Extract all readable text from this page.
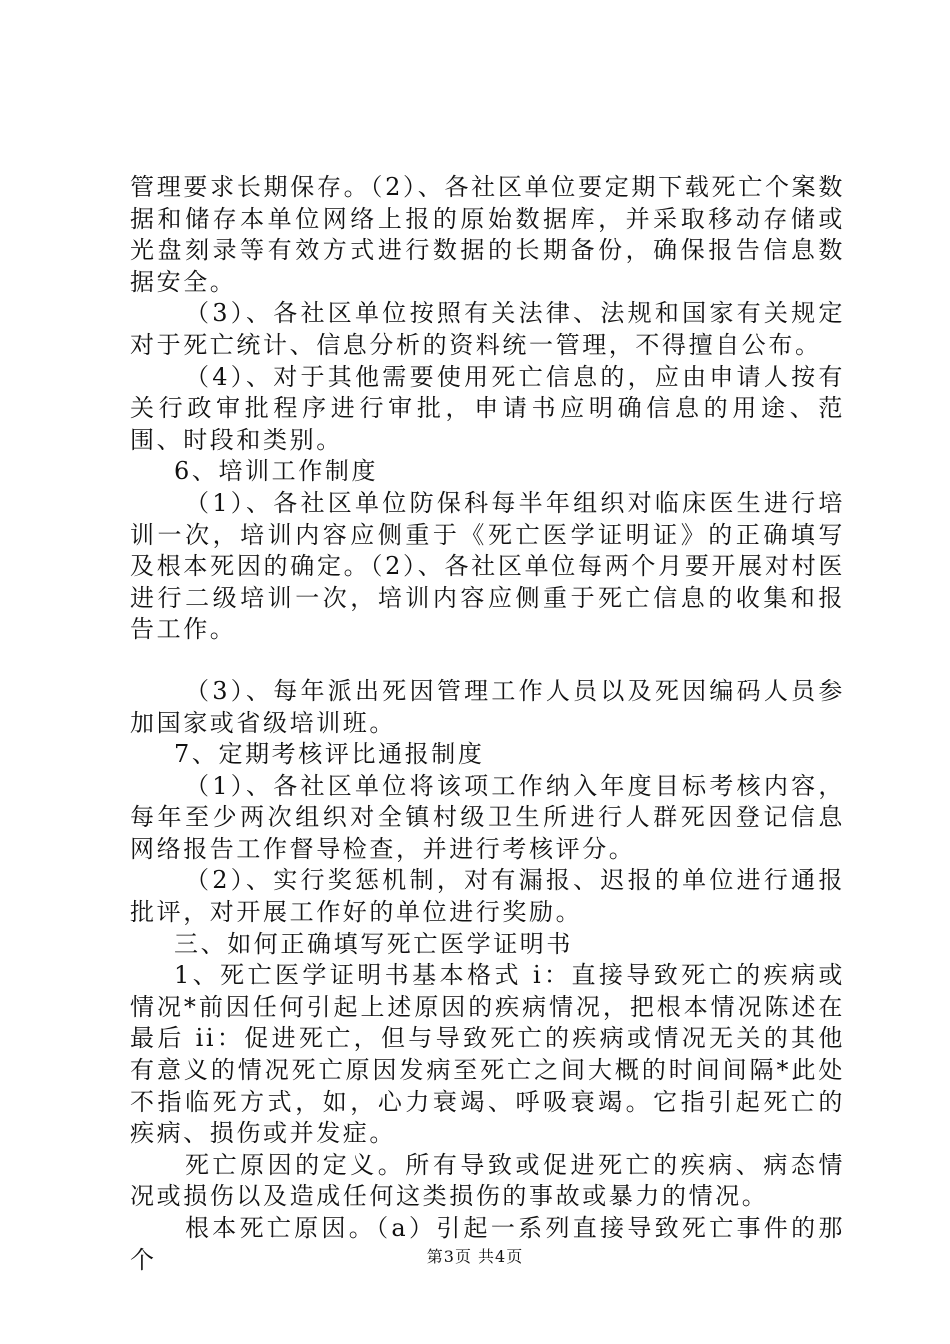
管理要求长期保存。（2）、各社区单位要定期下载死亡个案数据和储存本单位网络上报的原始数据库，并采取移动存储或光盘刻录等有效方式进行数据的长期备份，确保报告信息数据安全。

（3）、各社区单位按照有关法律、法规和国家有关规定对于死亡统计、信息分析的资料统一管理，不得擅自公布。

（4）、对于其他需要使用死亡信息的，应由申请人按有关行政审批程序进行审批，申请书应明确信息的用途、范围、时段和类别。

6、培训工作制度

（1）、各社区单位防保科每半年组织对临床医生进行培训一次，培训内容应侧重于《死亡医学证明证》的正确填写及根本死因的确定。（2）、各社区单位每两个月要开展对村医进行二级培训一次，培训内容应侧重于死亡信息的收集和报告工作。

（3）、每年派出死因管理工作人员以及死因编码人员参加国家或省级培训班。

7、定期考核评比通报制度

（1）、各社区单位将该项工作纳入年度目标考核内容，每年至少两次组织对全镇村级卫生所进行人群死因登记信息网络报告工作督导检查，并进行考核评分。

（2）、实行奖惩机制，对有漏报、迟报的单位进行通报批评，对开展工作好的单位进行奖励。

三、如何正确填写死亡医学证明书

1、死亡医学证明书基本格式 i：直接导致死亡的疾病或情况*前因任何引起上述原因的疾病情况，把根本情况陈述在最后 ii：促进死亡，但与导致死亡的疾病或情况无关的其他有意义的情况死亡原因发病至死亡之间大概的时间间隔*此处不指临死方式，如，心力衰竭、呼吸衰竭。它指引起死亡的疾病、损伤或并发症。

死亡原因的定义。所有导致或促进死亡的疾病、病态情况或损伤以及造成任何这类损伤的事故或暴力的情况。

根本死亡原因。（a）引起一系列直接导致死亡事件的那个	第3页 共4页
